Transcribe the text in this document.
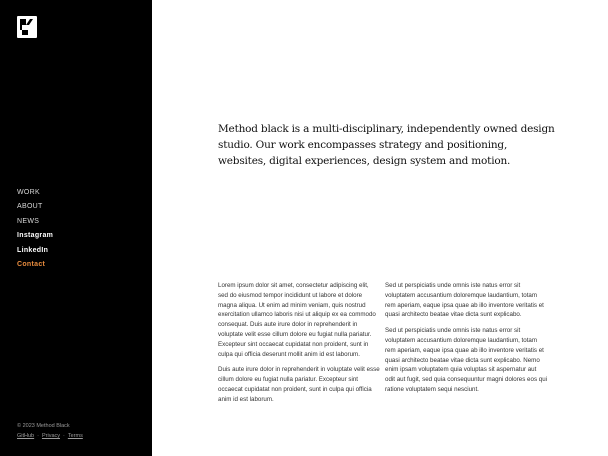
WORK
ABOUT
NEWS
Instagram
LinkedIn
Contact
© 2023 Method Black
GitHub · Privacy · Terms

Method black is a multi-disciplinary, independently owned design studio. Our work encompasses strategy and positioning, websites, digital experiences, design system and motion.

Lorem ipsum dolor sit amet, consectetur adipiscing elit, sed do eiusmod tempor incididunt ut labore et dolore magna aliqua. Ut enim ad minim veniam, quis nostrud exercitation ullamco laboris nisi ut aliquip ex ea commodo consequat. Duis aute irure dolor in reprehenderit in voluptate velit esse cillum dolore eu fugiat nulla pariatur. Excepteur sint occaecat cupidatat non proident, sunt in culpa qui officia deserunt mollit anim id est laborum.

Duis aute irure dolor in reprehenderit in voluptate velit esse cillum dolore eu fugiat nulla pariatur. Excepteur sint occaecat cupidatat non proident, sunt in culpa qui officia anim id est laborum.

Sed ut perspiciatis unde omnis iste natus error sit voluptatem accusantium doloremque laudantium, totam rem aperiam, eaque ipsa quae ab illo inventore veritatis et quasi architecto beatae vitae dicta sunt explicabo.

Sed ut perspiciatis unde omnis iste natus error sit voluptatem accusantium doloremque laudantium, totam rem aperiam, eaque ipsa quae ab illo inventore veritatis et quasi architecto beatae vitae dicta sunt explicabo. Nemo enim ipsam voluptatem quia voluptas sit aspernatur aut odit aut fugit, sed quia consequuntur magni dolores eos qui ratione voluptatem sequi nesciunt.
